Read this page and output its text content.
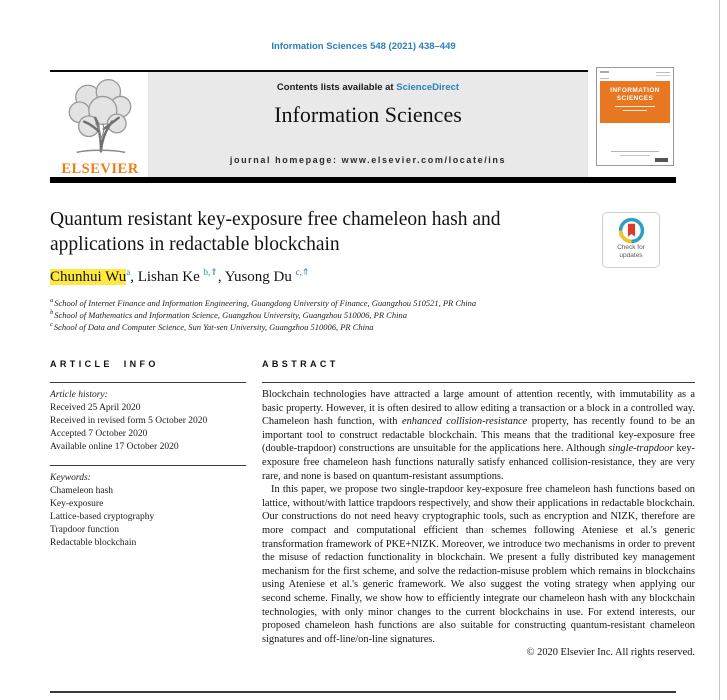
Information Sciences 548 (2021) 438–449
ELSEVIER
Contents lists available at ScienceDirect
Information Sciences
journal homepage: www.elsevier.com/locate/ins
INFORMATION SCIENCES
Quantum resistant key-exposure free chameleon hash and applications in redactable blockchain	Check for
updates
Chunhui Wu$^a$, Lishan Ke $^{b,⇑}$, Yusong Du $^{c,⇑}$
$^a$School of Internet Finance and Information Engineering, Guangdong University of Finance, Guangzhou 510521, PR China
$^b$School of Mathematics and Information Science, Guangzhou University, Guangzhou 510006, PR China
$^c$School of Data and Computer Science, Sun Yat-sen University, Guangzhou 510006, PR China
ARTICLE INFO
Article history:
Received 25 April 2020
Received in revised form 5 October 2020
Accepted 7 October 2020
Available online 17 October 2020
Keywords:
Chameleon hash
Key-exposure
Lattice-based cryptography
Trapdoor function
Redactable blockchain
ABSTRACT

Blockchain technologies have attracted a large amount of attention recently, with immutability as a basic property. However, it is often desired to allow editing a transaction or a block in a controlled way. Chameleon hash function, with enhanced collision-resistance property, has recently found to be an important tool to construct redactable blockchain. This means that the traditional key-exposure free (double-trapdoor) constructions are unsuitable for the applications here. Although single-trapdoor key-exposure free chameleon hash functions naturally satisfy enhanced collision-resistance, they are very rare, and none is based on quantum-resistant assumptions.

In this paper, we propose two single-trapdoor key-exposure free chameleon hash functions based on lattice, without/with lattice trapdoors respectively, and show their applications in redactable blockchain. Our constructions do not need heavy cryptographic tools, such as encryption and NIZK, therefore are more compact and computational efficient than schemes following Ateniese et al.'s generic transformation framework of PKE+NIZK. Moreover, we introduce two mechanisms in order to prevent the misuse of redaction functionality in blockchain. We present a fully distributed key management mechanism for the first scheme, and solve the redaction-misuse problem which remains in blockchains using Ateniese et al.'s generic framework. We also suggest the voting strategy when applying our second scheme. Finally, we show how to efficiently integrate our chameleon hash with any blockchain technologies, with only minor changes to the current blockchains in use. For extend interests, our proposed chameleon hash functions are also suitable for constructing quantum-resistant chameleon signatures and off-line/on-line signatures.

© 2020 Elsevier Inc. All rights reserved.
